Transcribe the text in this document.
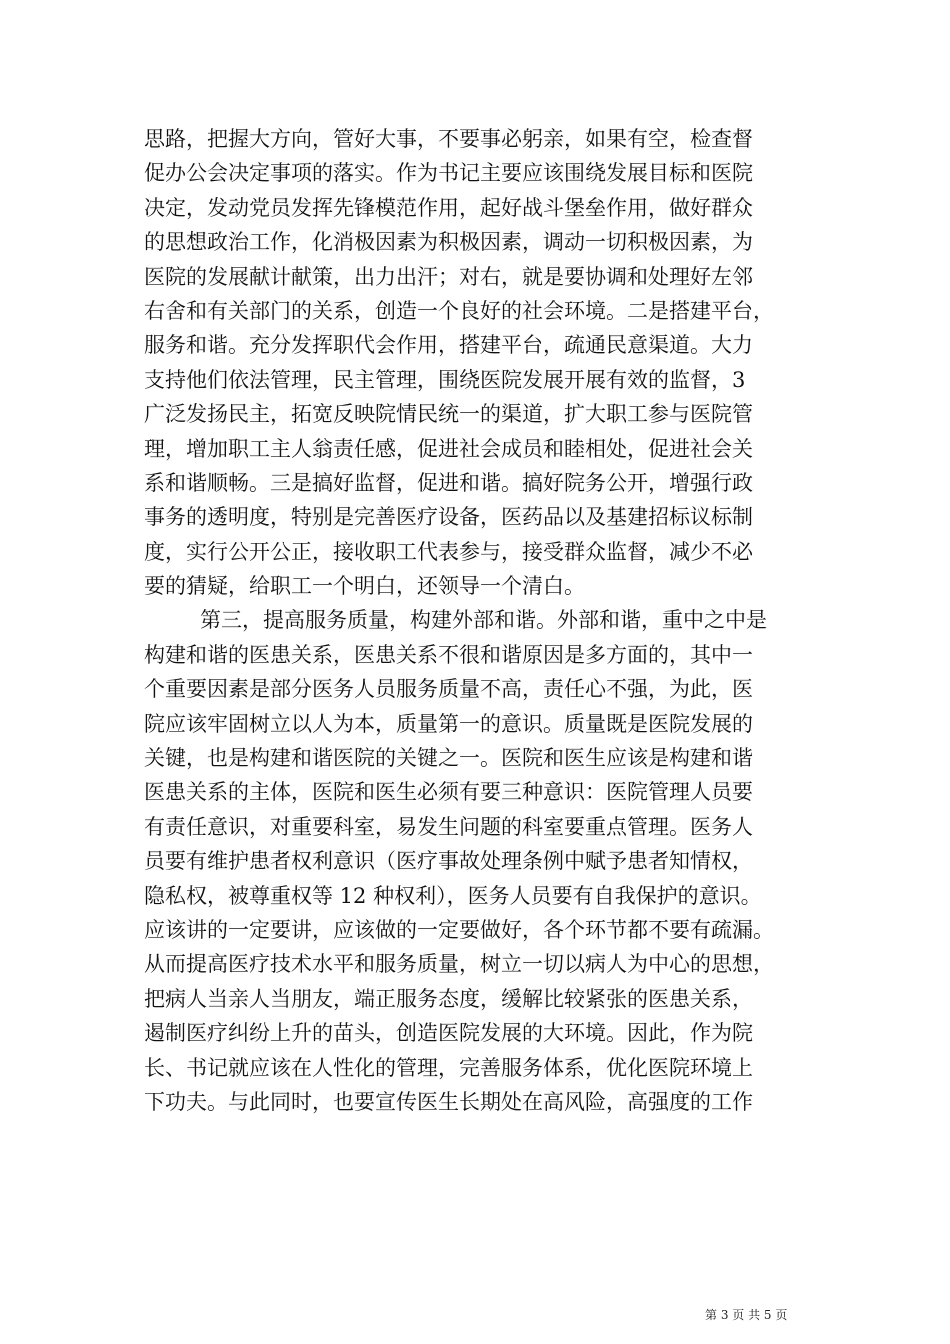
思路，把握大方向，管好大事，不要事必躬亲，如果有空，检查督
促办公会决定事项的落实。作为书记主要应该围绕发展目标和医院
决定，发动党员发挥先锋模范作用，起好战斗堡垒作用，做好群众
的思想政治工作，化消极因素为积极因素，调动一切积极因素，为
医院的发展献计献策，出力出汗；对右，就是要协调和处理好左邻
右舍和有关部门的关系，创造一个良好的社会环境。二是搭建平台，
服务和谐。充分发挥职代会作用，搭建平台，疏通民意渠道。大力
支持他们依法管理，民主管理，围绕医院发展开展有效的监督，3
广泛发扬民主，拓宽反映院情民统一的渠道，扩大职工参与医院管
理，增加职工主人翁责任感，促进社会成员和睦相处，促进社会关
系和谐顺畅。三是搞好监督，促进和谐。搞好院务公开，增强行政
事务的透明度，特别是完善医疗设备，医药品以及基建招标议标制
度，实行公开公正，接收职工代表参与，接受群众监督，减少不必
要的猜疑，给职工一个明白，还领导一个清白。
第三，提高服务质量，构建外部和谐。外部和谐，重中之中是
构建和谐的医患关系，医患关系不很和谐原因是多方面的，其中一
个重要因素是部分医务人员服务质量不高，责任心不强，为此，医
院应该牢固树立以人为本，质量第一的意识。质量既是医院发展的
关键，也是构建和谐医院的关键之一。医院和医生应该是构建和谐
医患关系的主体，医院和医生必须有要三种意识：医院管理人员要
有责任意识，对重要科室，易发生问题的科室要重点管理。医务人
员要有维护患者权利意识（医疗事故处理条例中赋予患者知情权，
隐私权，被尊重权等 12 种权利），医务人员要有自我保护的意识。
应该讲的一定要讲，应该做的一定要做好，各个环节都不要有疏漏。
从而提高医疗技术水平和服务质量，树立一切以病人为中心的思想，
把病人当亲人当朋友，端正服务态度，缓解比较紧张的医患关系，
遏制医疗纠纷上升的苗头，创造医院发展的大环境。因此，作为院
长、书记就应该在人性化的管理，完善服务体系，优化医院环境上
下功夫。与此同时，也要宣传医生长期处在高风险，高强度的工作
第 3 页 共 5 页
